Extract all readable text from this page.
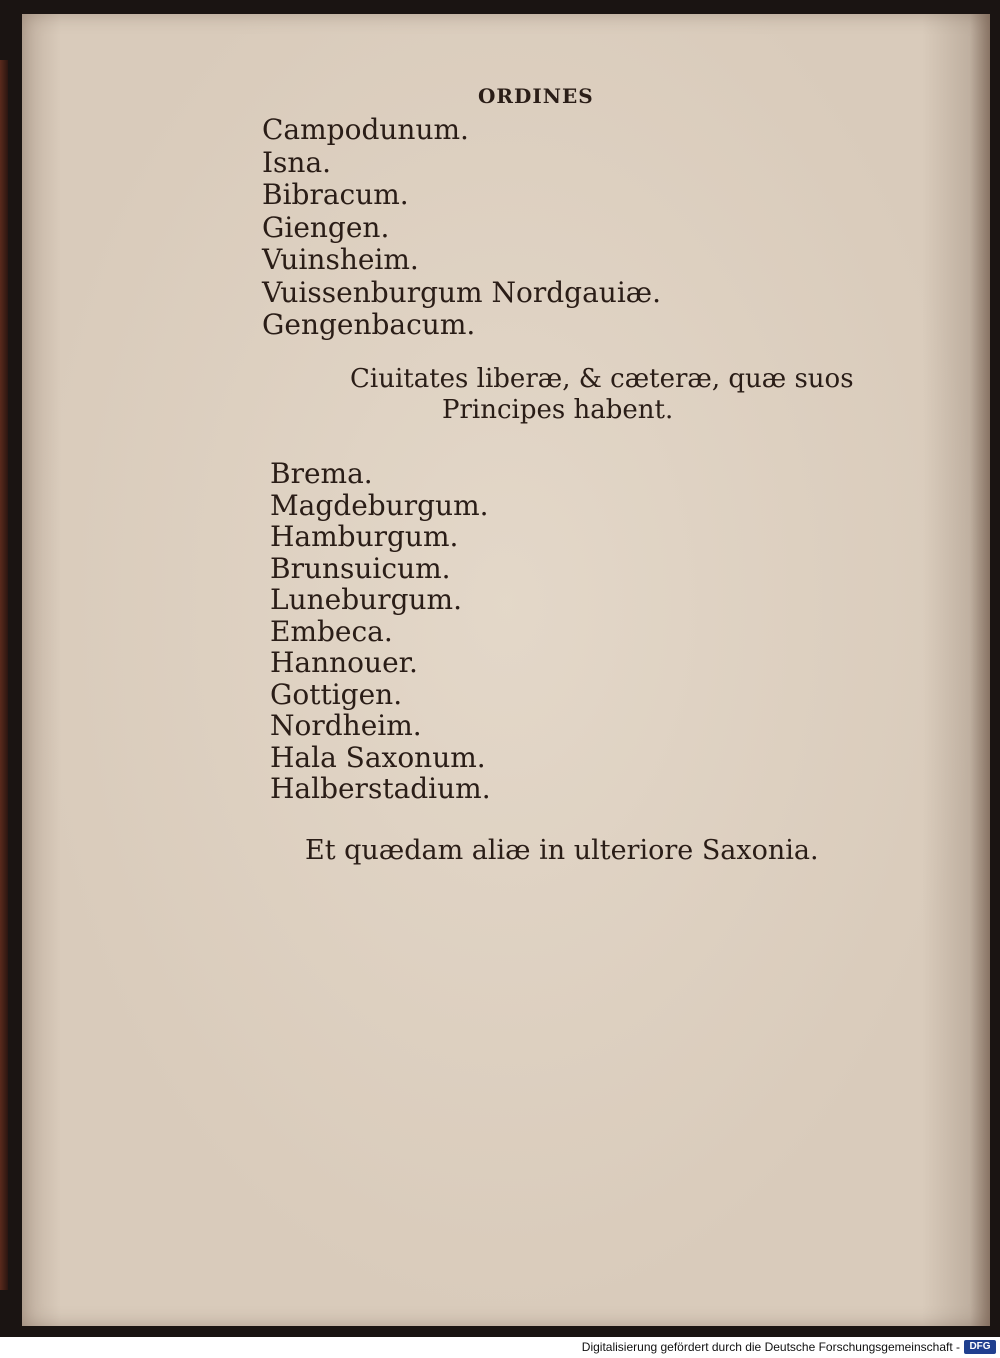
ORDINES
Campodunum.
Isna.
Bibracum.
Giengen.
Vuinsheim.
Vuissenburgum Nordgauiæ.
Gengenbacum.
Ciuitates liberæ, & cæteræ, quæ suos
Principes habent.
Brema.
Magdeburgum.
Hamburgum.
Brunsuicum.
Luneburgum.
Embeca.
Hannouer.
Gottigen.
Nordheim.
Hala Saxonum.
Halberstadium.
Et quædam aliæ in ulteriore Saxonia.
Digitalisierung gefördert durch die Deutsche Forschungsgemeinschaft - DFG
